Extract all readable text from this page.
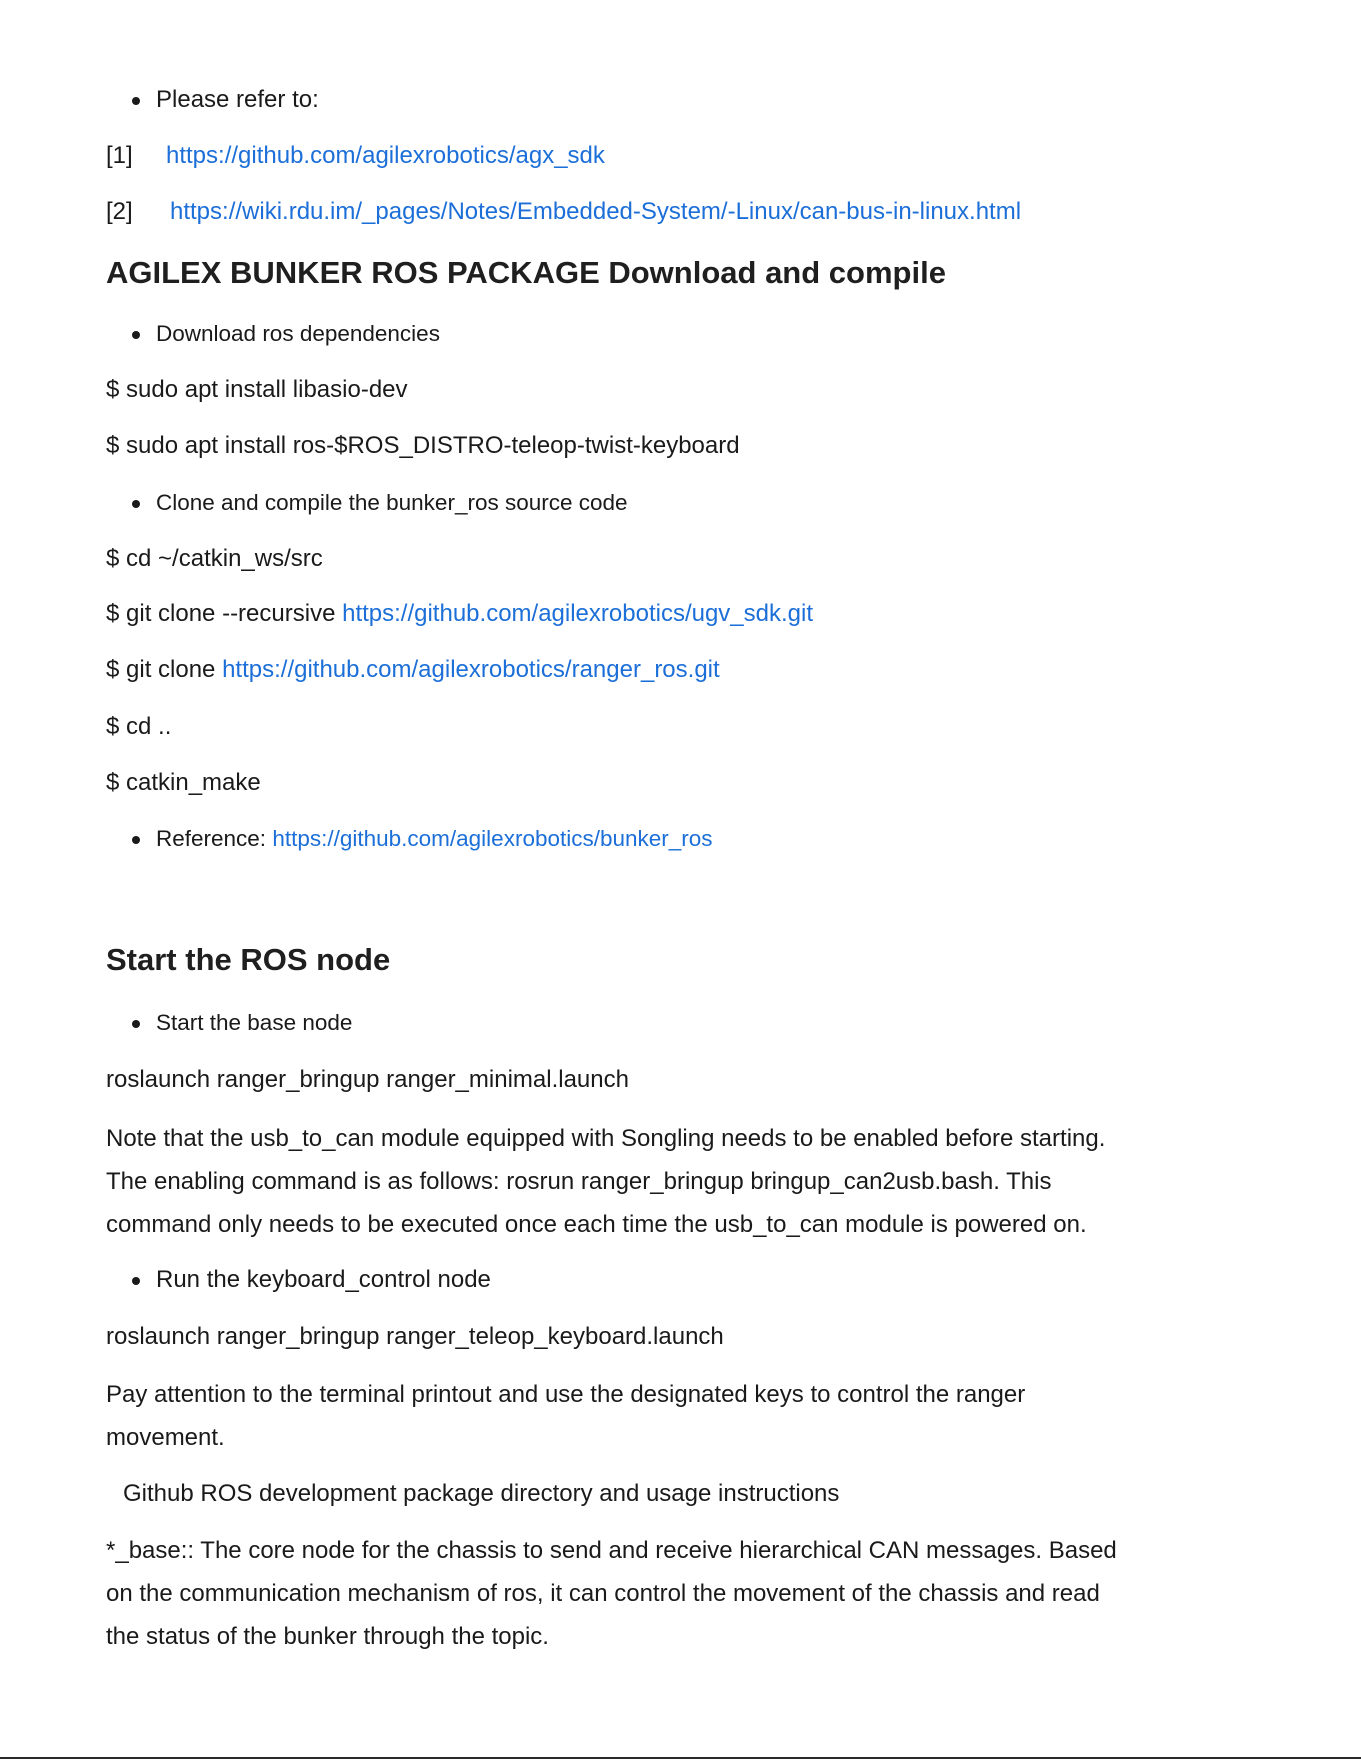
Please refer to:
[1] https://github.com/agilexrobotics/agx_sdk
[2] https://wiki.rdu.im/_pages/Notes/Embedded-System/-Linux/can-bus-in-linux.html
AGILEX BUNKER ROS PACKAGE Download and compile
Download ros dependencies
$ sudo apt install libasio-dev
$ sudo apt install ros-$ROS_DISTRO-teleop-twist-keyboard
Clone and compile the bunker_ros source code
$ cd ~/catkin_ws/src
$ git clone --recursive https://github.com/agilexrobotics/ugv_sdk.git
$ git clone https://github.com/agilexrobotics/ranger_ros.git
$ cd ..
$ catkin_make
Reference: https://github.com/agilexrobotics/bunker_ros
Start the ROS node
Start the base node
roslaunch ranger_bringup ranger_minimal.launch
Note that the usb_to_can module equipped with Songling needs to be enabled before starting.
The enabling command is as follows: rosrun ranger_bringup bringup_can2usb.bash. This
command only needs to be executed once each time the usb_to_can module is powered on.
Run the keyboard_control node
roslaunch ranger_bringup ranger_teleop_keyboard.launch
Pay attention to the terminal printout and use the designated keys to control the ranger
movement.
Github ROS development package directory and usage instructions
*_base:: The core node for the chassis to send and receive hierarchical CAN messages. Based
on the communication mechanism of ros, it can control the movement of the chassis and read
the status of the bunker through the topic.
